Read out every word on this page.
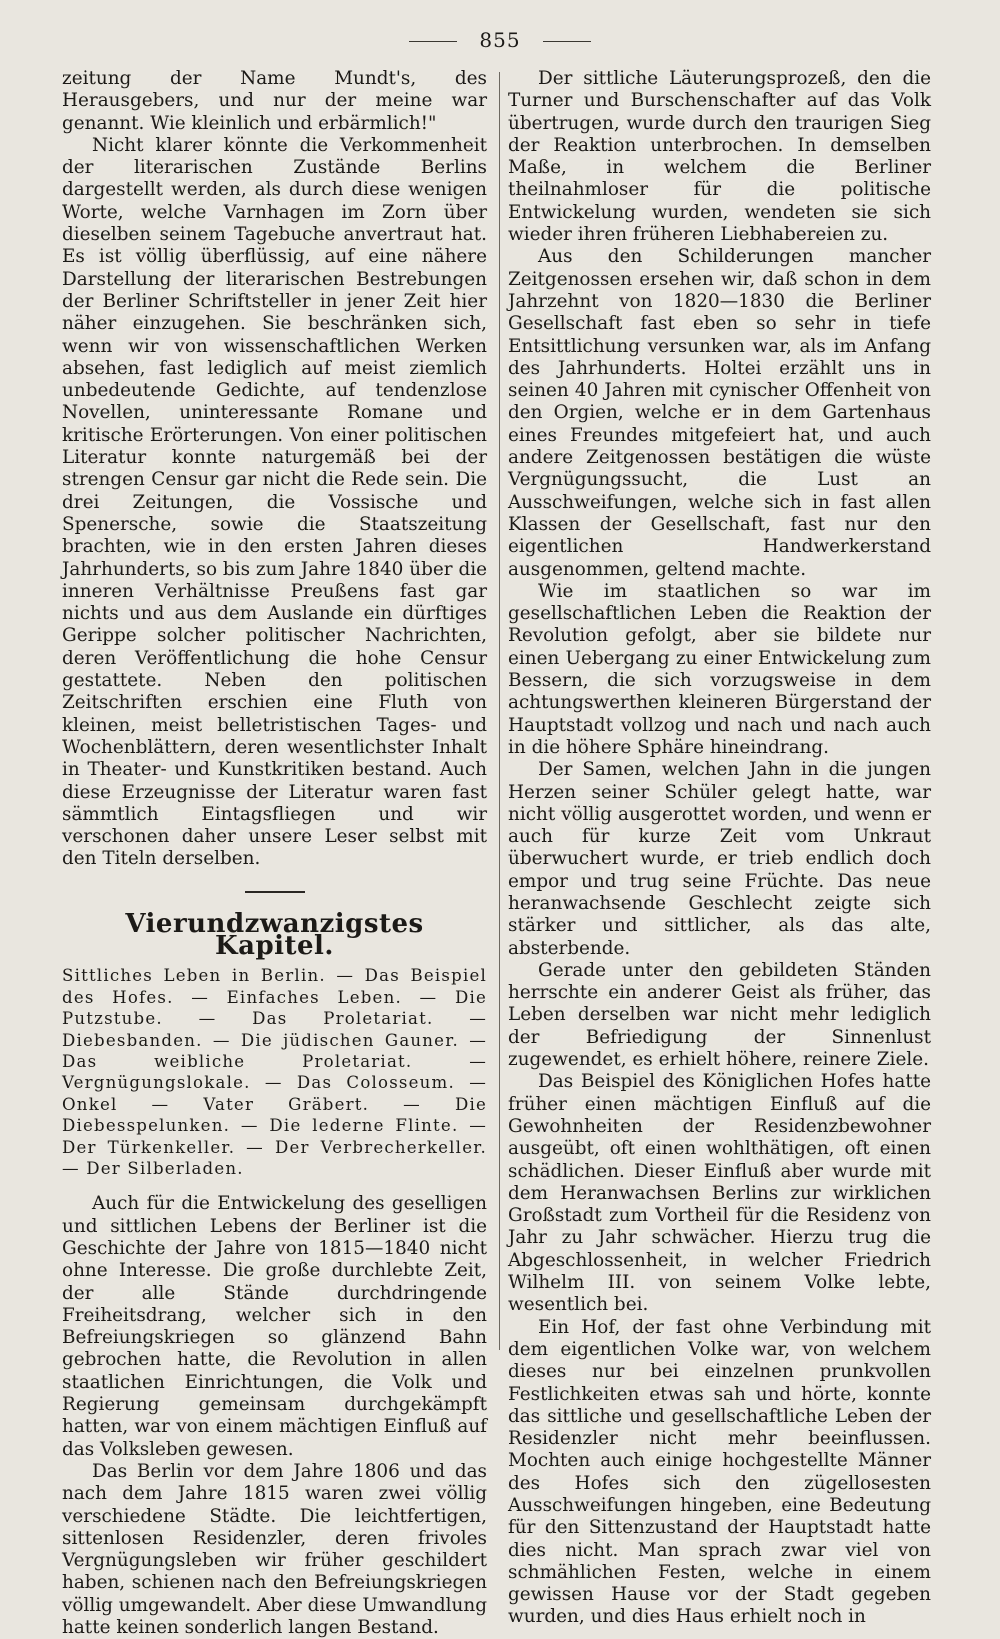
855

zeitung der Name Mundt's, des Herausgebers, und nur der meine war genannt. Wie kleinlich und erbärmlich!"

Nicht klarer könnte die Verkommenheit der literarischen Zustände Berlins dargestellt werden, als durch diese wenigen Worte, welche Varnhagen im Zorn über dieselben seinem Tagebuche anvertraut hat. Es ist völlig überflüssig, auf eine nähere Darstellung der literarischen Bestrebungen der Berliner Schriftsteller in jener Zeit hier näher einzugehen. Sie beschränken sich, wenn wir von wissenschaftlichen Werken absehen, fast lediglich auf meist ziemlich unbedeutende Gedichte, auf tendenzlose Novellen, uninteressante Romane und kritische Erörterungen. Von einer politischen Literatur konnte naturgemäß bei der strengen Censur gar nicht die Rede sein. Die drei Zeitungen, die Vossische und Spenersche, sowie die Staatszeitung brachten, wie in den ersten Jahren dieses Jahrhunderts, so bis zum Jahre 1840 über die inneren Verhältnisse Preußens fast gar nichts und aus dem Auslande ein dürftiges Gerippe solcher politischer Nachrichten, deren Veröffentlichung die hohe Censur gestattete. Neben den politischen Zeitschriften erschien eine Fluth von kleinen, meist belletristischen Tages- und Wochenblättern, deren wesentlichster Inhalt in Theater- und Kunstkritiken bestand. Auch diese Erzeugnisse der Literatur waren fast sämmtlich Eintagsfliegen und wir verschonen daher unsere Leser selbst mit den Titeln derselben.

Vierundzwanzigstes Kapitel.
Sittliches Leben in Berlin. — Das Beispiel des Hofes. — Einfaches Leben. — Die Putzstube. — Das Proletariat. — Diebesbanden. — Die jüdischen Gauner. — Das weibliche Proletariat. — Vergnügungslokale. — Das Colosseum. — Onkel — Vater Gräbert. — Die Diebesspelunken. — Die lederne Flinte. — Der Türkenkeller. — Der Verbrecherkeller. — Der Silberladen.

Auch für die Entwickelung des geselligen und sittlichen Lebens der Berliner ist die Geschichte der Jahre von 1815—1840 nicht ohne Interesse. Die große durchlebte Zeit, der alle Stände durchdringende Freiheitsdrang, welcher sich in den Befreiungskriegen so glänzend Bahn gebrochen hatte, die Revolution in allen staatlichen Einrichtungen, die Volk und Regierung gemeinsam durchgekämpft hatten, war von einem mächtigen Einfluß auf das Volksleben gewesen.

Das Berlin vor dem Jahre 1806 und das nach dem Jahre 1815 waren zwei völlig verschiedene Städte. Die leichtfertigen, sittenlosen Residenzler, deren frivoles Vergnügungsleben wir früher geschildert haben, schienen nach den Befreiungskriegen völlig umgewandelt. Aber diese Umwandlung hatte keinen sonderlich langen Bestand.

Der sittliche Läuterungsprozeß, den die Turner und Burschenschafter auf das Volk übertrugen, wurde durch den traurigen Sieg der Reaktion unterbrochen. In demselben Maße, in welchem die Berliner theilnahmloser für die politische Entwickelung wurden, wendeten sie sich wieder ihren früheren Liebhabereien zu.

Aus den Schilderungen mancher Zeitgenossen ersehen wir, daß schon in dem Jahrzehnt von 1820—1830 die Berliner Gesellschaft fast eben so sehr in tiefe Entsittlichung versunken war, als im Anfang des Jahrhunderts. Holtei erzählt uns in seinen 40 Jahren mit cynischer Offenheit von den Orgien, welche er in dem Gartenhaus eines Freundes mitgefeiert hat, und auch andere Zeitgenossen bestätigen die wüste Vergnügungssucht, die Lust an Ausschweifungen, welche sich in fast allen Klassen der Gesellschaft, fast nur den eigentlichen Handwerkerstand ausgenommen, geltend machte.

Wie im staatlichen so war im gesellschaftlichen Leben die Reaktion der Revolution gefolgt, aber sie bildete nur einen Uebergang zu einer Entwickelung zum Bessern, die sich vorzugsweise in dem achtungswerthen kleineren Bürgerstand der Hauptstadt vollzog und nach und nach auch in die höhere Sphäre hineindrang.

Der Samen, welchen Jahn in die jungen Herzen seiner Schüler gelegt hatte, war nicht völlig ausgerottet worden, und wenn er auch für kurze Zeit vom Unkraut überwuchert wurde, er trieb endlich doch empor und trug seine Früchte. Das neue heranwachsende Geschlecht zeigte sich stärker und sittlicher, als das alte, absterbende.

Gerade unter den gebildeten Ständen herrschte ein anderer Geist als früher, das Leben derselben war nicht mehr lediglich der Befriedigung der Sinnenlust zugewendet, es erhielt höhere, reinere Ziele.

Das Beispiel des Königlichen Hofes hatte früher einen mächtigen Einfluß auf die Gewohnheiten der Residenzbewohner ausgeübt, oft einen wohlthätigen, oft einen schädlichen. Dieser Einfluß aber wurde mit dem Heranwachsen Berlins zur wirklichen Großstadt zum Vortheil für die Residenz von Jahr zu Jahr schwächer. Hierzu trug die Abgeschlossenheit, in welcher Friedrich Wilhelm III. von seinem Volke lebte, wesentlich bei.

Ein Hof, der fast ohne Verbindung mit dem eigentlichen Volke war, von welchem dieses nur bei einzelnen prunkvollen Festlichkeiten etwas sah und hörte, konnte das sittliche und gesellschaftliche Leben der Residenzler nicht mehr beeinflussen. Mochten auch einige hochgestellte Männer des Hofes sich den zügellosesten Ausschweifungen hingeben, eine Bedeutung für den Sittenzustand der Hauptstadt hatte dies nicht. Man sprach zwar viel von schmählichen Festen, welche in einem gewissen Hause vor der Stadt gegeben wurden, und dies Haus erhielt noch in
